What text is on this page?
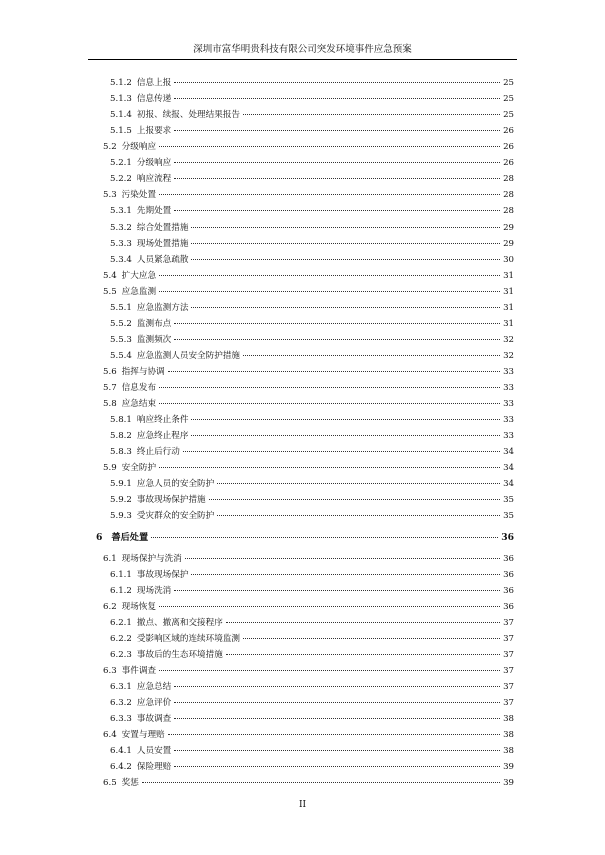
深圳市富华明贵科技有限公司突发环境事件应急预案
5.1.2 信息上报	25
5.1.3 信息传递	25
5.1.4 初报、续报、处理结果报告	25
5.1.5 上报要求	26
5.2 分级响应	26
5.2.1 分级响应	26
5.2.2 响应流程	28
5.3 污染处置	28
5.3.1 先期处置	28
5.3.2 综合处置措施	29
5.3.3 现场处置措施	29
5.3.4 人员紧急疏散	30
5.4 扩大应急	31
5.5 应急监测	31
5.5.1 应急监测方法	31
5.5.2 监测布点	31
5.5.3 监测频次	32
5.5.4 应急监测人员安全防护措施	32
5.6 指挥与协调	33
5.7 信息发布	33
5.8 应急结束	33
5.8.1 响应终止条件	33
5.8.2 应急终止程序	33
5.8.3 终止后行动	34
5.9 安全防护	34
5.9.1 应急人员的安全防护	34
5.9.2 事故现场保护措施	35
5.9.3 受灾群众的安全防护	35
6 善后处置	36
6.1 现场保护与洗消	36
6.1.1 事故现场保护	36
6.1.2 现场洗消	36
6.2 现场恢复	36
6.2.1 撤点、撤离和交接程序	37
6.2.2 受影响区域的连续环境监测	37
6.2.3 事故后的生态环境措施	37
6.3 事件调查	37
6.3.1 应急总结	37
6.3.2 应急评价	37
6.3.3 事故调查	38
6.4 安置与理赔	38
6.4.1 人员安置	38
6.4.2 保险理赔	39
6.5 奖惩	39
II
